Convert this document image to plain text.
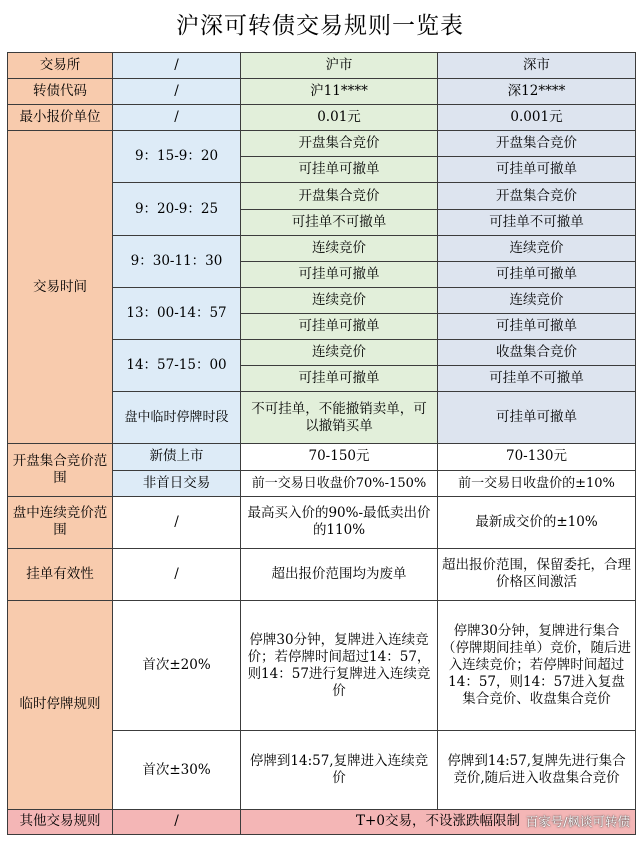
沪深可转债交易规则一览表
交易所	/	沪市	深市
转债代码	/	沪11****	深12****
最小报价单位	/	0.01元	0.001元
交易时间	9：15-9：20	开盘集合竞价	开盘集合竞价
		可挂单可撤单	可挂单可撤单
	9：20-9：25	开盘集合竞价	开盘集合竞价
		可挂单不可撤单	可挂单不可撤单
	9：30-11：30	连续竞价	连续竞价
		可挂单可撤单	可挂单可撤单
	13：00-14：57	连续竞价	连续竞价
		可挂单可撤单	可挂单可撤单
	14：57-15：00	连续竞价	收盘集合竞价
		可挂单可撤单	可挂单不可撤单
	盘中临时停牌时段	不可挂单，不能撤销卖单，可以撤销买单	可挂单可撤单
开盘集合竞价范围	新债上市	70-150元	70-130元
	非首日交易	前一交易日收盘价70%-150%	前一交易日收盘价的±10%
盘中连续竞价范围	/	最高买入价的90%-最低卖出价的110%	最新成交价的±10%
挂单有效性	/	超出报价范围均为废单	超出报价范围，保留委托，合理价格区间激活
临时停牌规则	首次±20%	停牌30分钟，复牌进入连续竞价；若停牌时间超过14：57，则14：57进行复牌进入连续竞价	停牌30分钟，复牌进行集合（停牌期间挂单）竞价，随后进入连续竞价；若停牌时间超过14：57，则14：57进入复盘集合竞价、收盘集合竞价
	首次±30%	停牌到14:57,复牌进入连续竞价	停牌到14:57,复牌先进行集合竞价,随后进入收盘集合竞价
其他交易规则	/	T+0交易，不设涨跌幅限制	百家号/枫谈可转债
